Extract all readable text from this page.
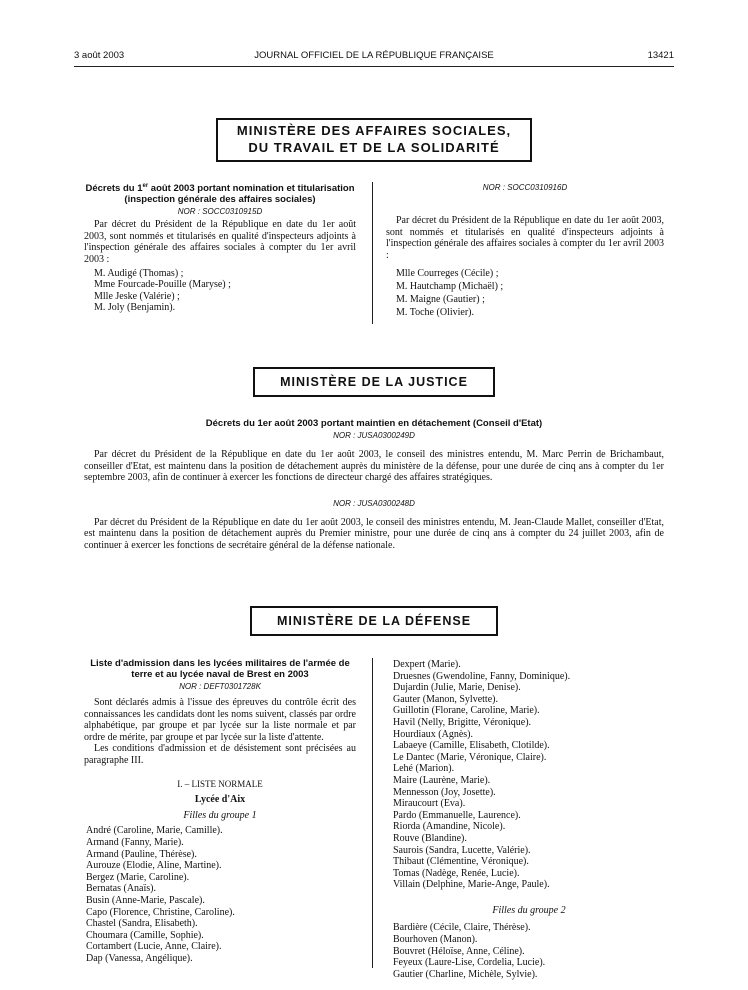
3 août 2003	JOURNAL OFFICIEL DE LA RÉPUBLIQUE FRANÇAISE	13421
MINISTÈRE DES AFFAIRES SOCIALES,
DU TRAVAIL ET DE LA SOLIDARITÉ
Décrets du 1er août 2003 portant nomination et titularisation (inspection générale des affaires sociales)
NOR : SOCC0310915D

Par décret du Président de la République en date du 1er août 2003, sont nommés et titularisés en qualité d'inspecteurs adjoints à l'inspection générale des affaires sociales à compter du 1er avril 2003 :

M. Audigé (Thomas) ;
Mme Fourcade-Pouille (Maryse) ;
Mlle Jeske (Valérie) ;
M. Joly (Benjamin).
NOR : SOCC0310916D

Par décret du Président de la République en date du 1er août 2003, sont nommés et titularisés en qualité d'inspecteurs adjoints à l'inspection générale des affaires sociales à compter du 1er avril 2003 :

Mlle Courreges (Cécile) ;
M. Hautchamp (Michaël) ;
M. Maigne (Gautier) ;
M. Toche (Olivier).
MINISTÈRE DE LA JUSTICE
Décrets du 1er août 2003 portant maintien en détachement (Conseil d'Etat)
NOR : JUSA0300249D

Par décret du Président de la République en date du 1er août 2003, le conseil des ministres entendu, M. Marc Perrin de Brichambaut, conseiller d'Etat, est maintenu dans la position de détachement auprès du ministère de la défense, pour une durée de cinq ans à compter du 1er septembre 2003, afin de continuer à exercer les fonctions de directeur chargé des affaires stratégiques.

NOR : JUSA0300248D

Par décret du Président de la République en date du 1er août 2003, le conseil des ministres entendu, M. Jean-Claude Mallet, conseiller d'Etat, est maintenu dans la position de détachement auprès du Premier ministre, pour une durée de cinq ans à compter du 24 juillet 2003, afin de continuer à exercer les fonctions de secrétaire général de la défense nationale.

MINISTÈRE DE LA DÉFENSE
Liste d'admission dans les lycées militaires de l'armée de terre et au lycée naval de Brest en 2003
NOR : DEFT0301728K

Sont déclarés admis à l'issue des épreuves du contrôle écrit des connaissances les candidats dont les noms suivent, classés par ordre alphabétique, par groupe et par lycée sur la liste normale et par ordre de mérite, par groupe et par lycée sur la liste d'attente.

Les conditions d'admission et de désistement sont précisées au paragraphe III.

I. – LISTE NORMALE
Lycée d'Aix
Filles du groupe 1
André (Caroline, Marie, Camille).
Armand (Fanny, Marie).
Armand (Pauline, Thérèse).
Aurouze (Elodie, Aline, Martine).
Bergez (Marie, Caroline).
Bernatas (Anaïs).
Busin (Anne-Marie, Pascale).
Capo (Florence, Christine, Caroline).
Chastel (Sandra, Elisabeth).
Choumara (Camille, Sophie).
Cortambert (Lucie, Anne, Claire).
Dap (Vanessa, Angélique).
Dexpert (Marie).
Druesnes (Gwendoline, Fanny, Dominique).
Dujardin (Julie, Marie, Denise).
Gauter (Manon, Sylvette).
Guillotin (Florane, Caroline, Marie).
Havil (Nelly, Brigitte, Véronique).
Hourdiaux (Agnès).
Labaeye (Camille, Elisabeth, Clotilde).
Le Dantec (Marie, Véronique, Claire).
Lehé (Marion).
Maire (Laurène, Marie).
Mennesson (Joy, Josette).
Miraucourt (Eva).
Pardo (Emmanuelle, Laurence).
Riorda (Amandine, Nicole).
Rouve (Blandine).
Saurois (Sandra, Lucette, Valérie).
Thibaut (Clémentine, Véronique).
Tomas (Nadège, Renée, Lucie).
Villain (Delphine, Marie-Ange, Paule).
Filles du groupe 2
Bardière (Cécile, Claire, Thérèse).
Bourhoven (Manon).
Bouvret (Héloïse, Anne, Céline).
Feyeux (Laure-Lise, Cordelia, Lucie).
Gautier (Charline, Michèle, Sylvie).
